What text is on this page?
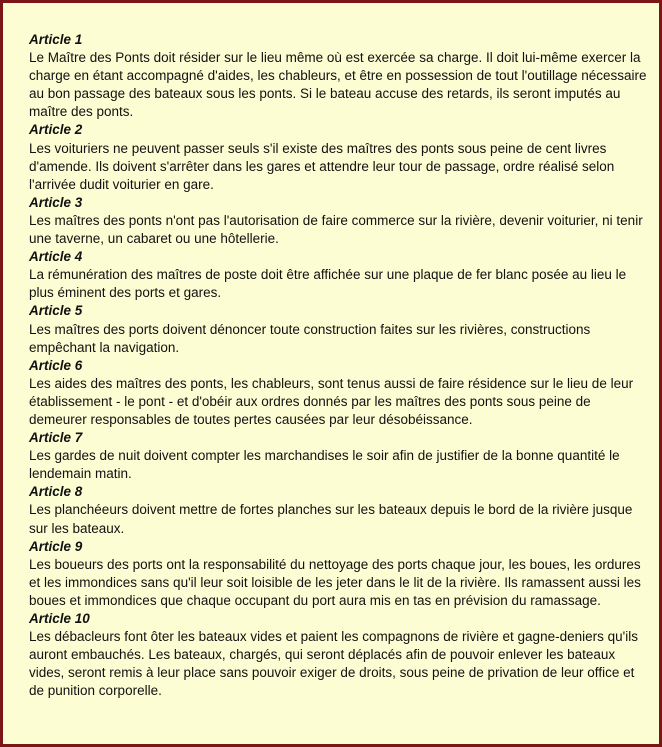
Article 1
Le Maître des Ponts doit résider sur le lieu même où est exercée sa charge. Il doit lui-même exercer la charge en étant accompagné d'aides, les chableurs, et être en possession de tout l'outillage nécessaire au bon passage des bateaux sous les ponts. Si le bateau accuse des retards, ils seront imputés au maître des ponts.
Article 2
Les voituriers ne peuvent passer seuls s'il existe des maîtres des ponts sous peine de cent livres d'amende. Ils doivent s'arrêter dans les gares et attendre leur tour de passage, ordre réalisé selon l'arrivée dudit voiturier en gare.
Article 3
Les maîtres des ponts n'ont pas l'autorisation de faire commerce sur la rivière, devenir voiturier, ni tenir une taverne, un cabaret ou une hôtellerie.
Article 4
La rémunération des maîtres de poste doit être affichée sur une plaque de fer blanc posée au lieu le plus éminent des ports et gares.
Article 5
Les maîtres des ports doivent dénoncer toute construction faites sur les rivières, constructions empêchant la navigation.
Article 6
Les aides des maîtres des ponts, les chableurs, sont tenus aussi de faire résidence sur le lieu de leur établissement - le pont - et d'obéir aux ordres donnés par les maîtres des ponts sous peine de demeurer responsables de toutes pertes causées par leur désobéissance.
Article 7
Les gardes de nuit doivent compter les marchandises le soir afin de justifier de la bonne quantité le lendemain matin.
Article 8
Les planchéeurs doivent mettre de fortes planches sur les bateaux depuis le bord de la rivière jusque sur les bateaux.
Article 9
Les boueurs des ports ont la responsabilité du nettoyage des ports chaque jour, les boues, les ordures et les immondices sans qu'il leur soit loisible de les jeter dans le lit de la rivière. Ils ramassent aussi les boues et immondices que chaque occupant du port aura mis en tas en prévision du ramassage.
Article 10
Les débacleurs font ôter les bateaux vides et paient les compagnons de rivière et gagne-deniers qu'ils auront embauchés. Les bateaux, chargés, qui seront déplacés afin de pouvoir enlever les bateaux vides, seront remis à leur place sans pouvoir exiger de droits, sous peine de privation de leur office et de punition corporelle.
